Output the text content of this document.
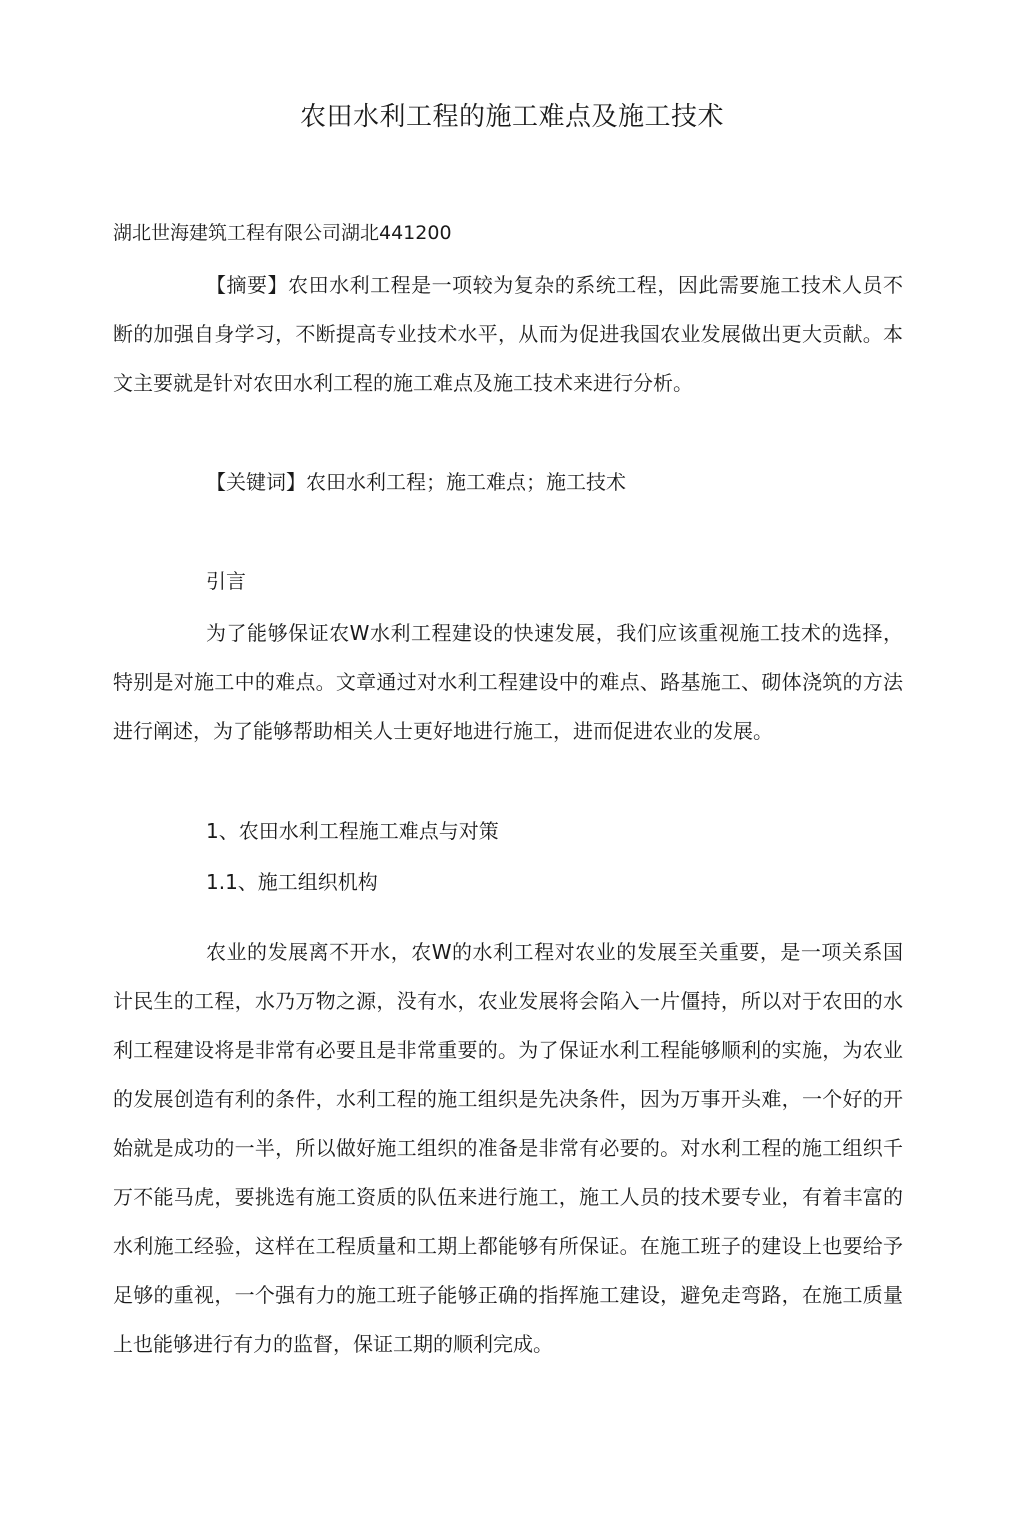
农田水利工程的施工难点及施工技术
湖北世海建筑工程有限公司湖北441200

【摘要】农田水利工程是一项较为复杂的系统工程，因此需要施工技术人员不断的加强自身学习，不断提高专业技术水平，从而为促进我国农业发展做出更大贡献。本文主要就是针对农田水利工程的施工难点及施工技术来进行分析。

【关键词】农田水利工程；施工难点；施工技术
引言

为了能够保证农W水利工程建设的快速发展，我们应该重视施工技术的选择，特别是对施工中的难点。文章通过对水利工程建设中的难点、路基施工、砌体浇筑的方法进行阐述，为了能够帮助相关人士更好地进行施工，进而促进农业的发展。

1、农田水利工程施工难点与对策
1.1、施工组织机构

农业的发展离不开水，农W的水利工程对农业的发展至关重要，是一项关系国计民生的工程，水乃万物之源，没有水，农业发展将会陷入一片僵持，所以对于农田的水利工程建设将是非常有必要且是非常重要的。为了保证水利工程能够顺利的实施，为农业的发展创造有利的条件，水利工程的施工组织是先决条件，因为万事开头难，一个好的开始就是成功的一半，所以做好施工组织的准备是非常有必要的。对水利工程的施工组织千万不能马虎，要挑选有施工资质的队伍来进行施工，施工人员的技术要专业，有着丰富的水利施工经验，这样在工程质量和工期上都能够有所保证。在施工班子的建设上也要给予足够的重视，一个强有力的施工班子能够正确的指挥施工建设，避免走弯路，在施工质量上也能够进行有力的监督，保证工期的顺利完成。
